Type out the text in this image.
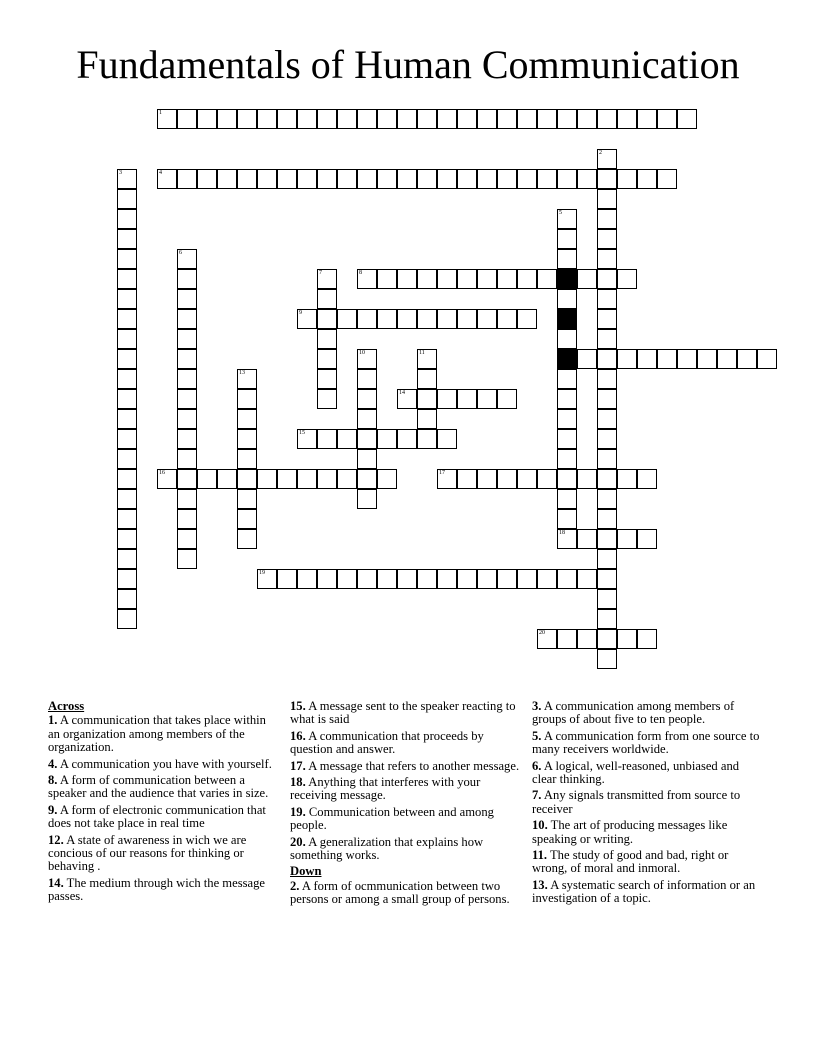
Fundamentals of Human Communication
1
2
3	4
5
18
6
7	8
9
10	11
13
14
15
16	17
19
20
Across
1. A communication that takes place within an organization among members of the organization.
4. A communication you have with yourself.
8. A form of communication between a speaker and the audience that varies in size.
9. A form of electronic communication that does not take place in real time
12. A state of awareness in wich we are concious of our reasons for thinking or behaving .
14. The medium through wich the message passes.
15. A message sent to the speaker reacting to what is said
16. A communication that proceeds by question and answer.
17. A message that refers to another message.
18. Anything that interferes with your receiving message.
19. Communication between and among people.
20. A generalization that explains how something works.
Down
2. A form of ocmmunication between two persons or among a small group of persons.
3. A communication among members of groups of about five to ten people.
5. A communication form from one source to many receivers worldwide.
6. A logical, well-reasoned, unbiased and clear thinking.
7. Any signals transmitted from source to receiver
10. The art of producing messages like speaking or writing.
11. The study of good and bad, right or wrong, of moral and inmoral.
13. A systematic search of information or an investigation of a topic.
